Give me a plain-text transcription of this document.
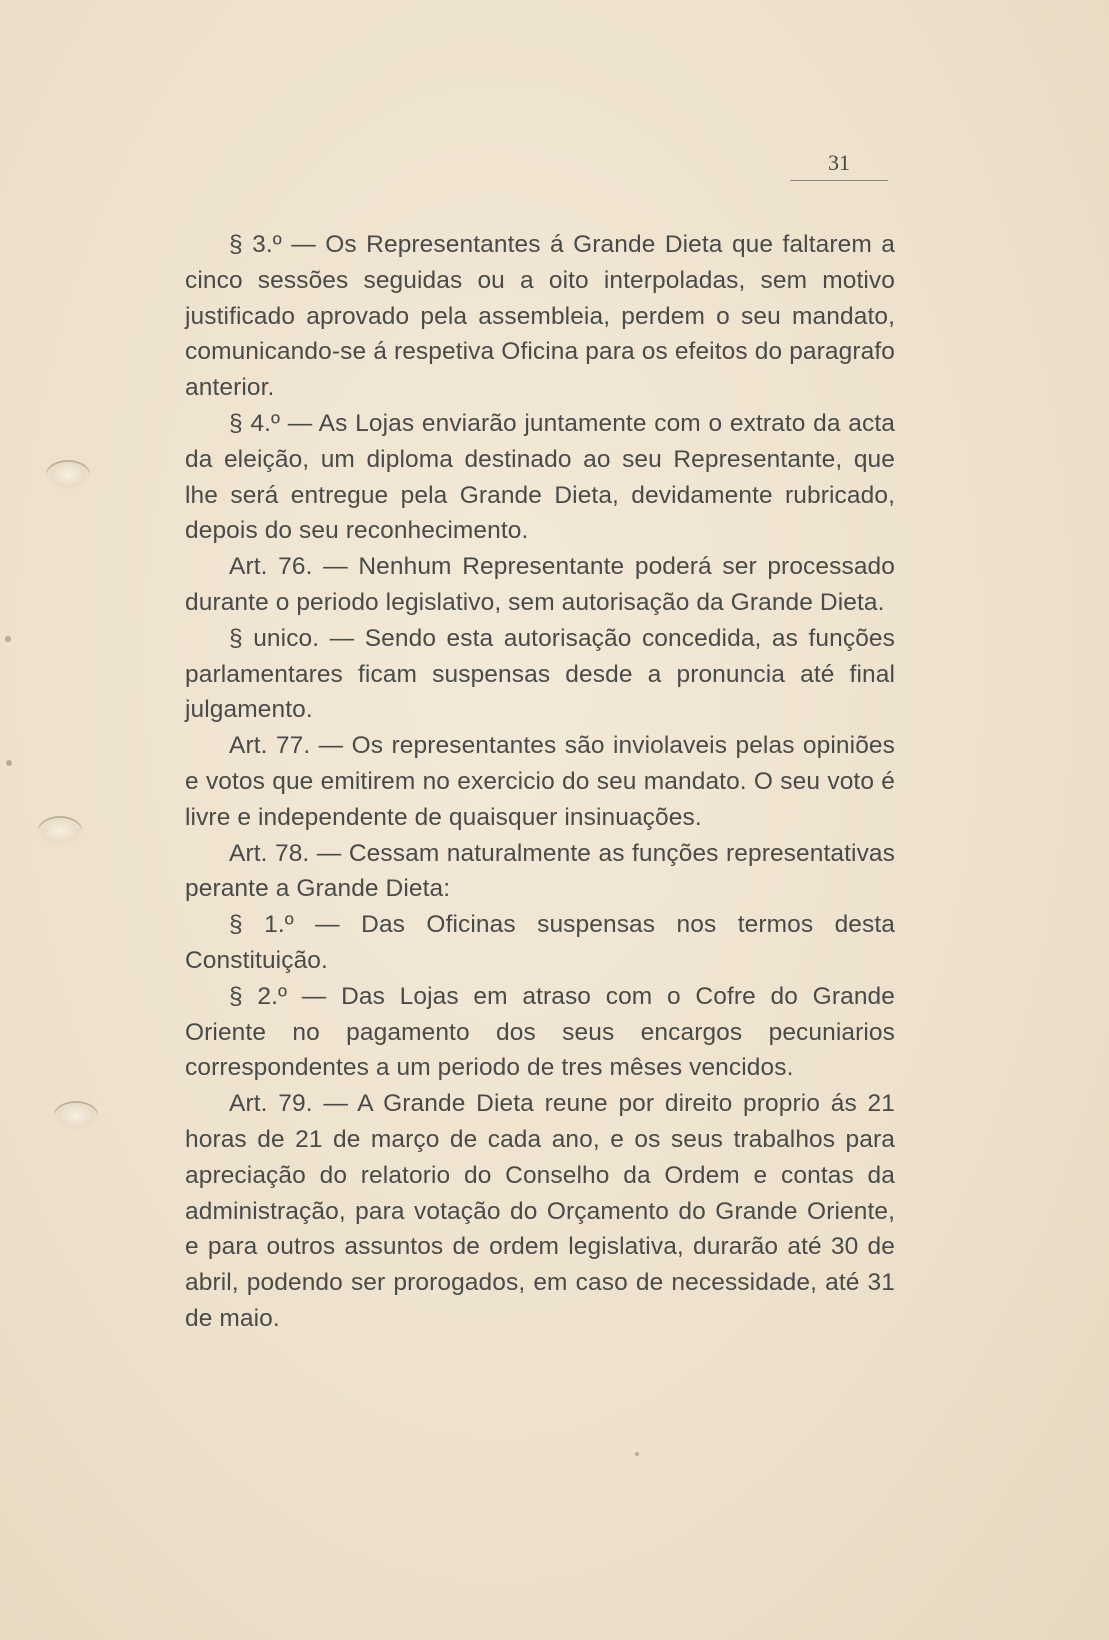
31

§ 3.º — Os Representantes á Grande Dieta que faltarem a cinco sessões seguidas ou a oito interpoladas, sem motivo justificado aprovado pela assembleia, perdem o seu mandato, comunicando-se á respetiva Oficina para os efeitos do paragrafo anterior.

§ 4.º — As Lojas enviarão juntamente com o extrato da acta da eleição, um diploma destinado ao seu Representante, que lhe será entregue pela Grande Dieta, devidamente rubricado, depois do seu reconhecimento.

Art. 76. — Nenhum Representante poderá ser processado durante o periodo legislativo, sem autorisação da Grande Dieta.

§ unico. — Sendo esta autorisação concedida, as funções parlamentares ficam suspensas desde a pronuncia até final julgamento.

Art. 77. — Os representantes são inviolaveis pelas opiniões e votos que emitirem no exercicio do seu mandato. O seu voto é livre e independente de quaisquer insinuações.

Art. 78. — Cessam naturalmente as funções representativas perante a Grande Dieta:

§ 1.º — Das Oficinas suspensas nos termos desta Constituição.

§ 2.º — Das Lojas em atraso com o Cofre do Grande Oriente no pagamento dos seus encargos pecuniarios correspondentes a um periodo de tres mêses vencidos.

Art. 79. — A Grande Dieta reune por direito proprio ás 21 horas de 21 de março de cada ano, e os seus trabalhos para apreciação do relatorio do Conselho da Ordem e contas da administração, para votação do Orçamento do Grande Oriente, e para outros assuntos de ordem legislativa, durarão até 30 de abril, podendo ser prorogados, em caso de necessidade, até 31 de maio.
